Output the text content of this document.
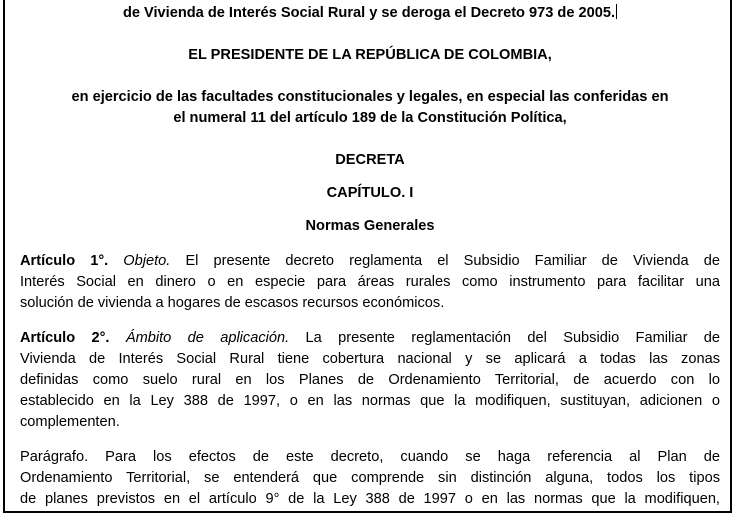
de Vivienda de Interés Social Rural y se deroga el Decreto 973 de 2005.

EL PRESIDENTE DE LA REPÚBLICA DE COLOMBIA,

en ejercicio de las facultades constitucionales y legales, en especial las conferidas en

el numeral 11 del artículo 189 de la Constitución Política,

DECRETA

CAPÍTULO. I

Normas Generales

Artículo 1°. Objeto. El presente decreto reglamenta el Subsidio Familiar de Vivienda de

Interés Social en dinero o en especie para áreas rurales como instrumento para facilitar una

solución de vivienda a hogares de escasos recursos económicos.

Artículo 2°. Ámbito de aplicación. La presente reglamentación del Subsidio Familiar de

Vivienda de Interés Social Rural tiene cobertura nacional y se aplicará a todas las zonas

definidas como suelo rural en los Planes de Ordenamiento Territorial, de acuerdo con lo

establecido en la Ley 388 de 1997, o en las normas que la modifiquen, sustituyan, adicionen o

complementen.

Parágrafo. Para los efectos de este decreto, cuando se haga referencia al Plan de

Ordenamiento Territorial, se entenderá que comprende sin distinción alguna, todos los tipos

de planes previstos en el artículo 9° de la Ley 388 de 1997 o en las normas que la modifiquen,
